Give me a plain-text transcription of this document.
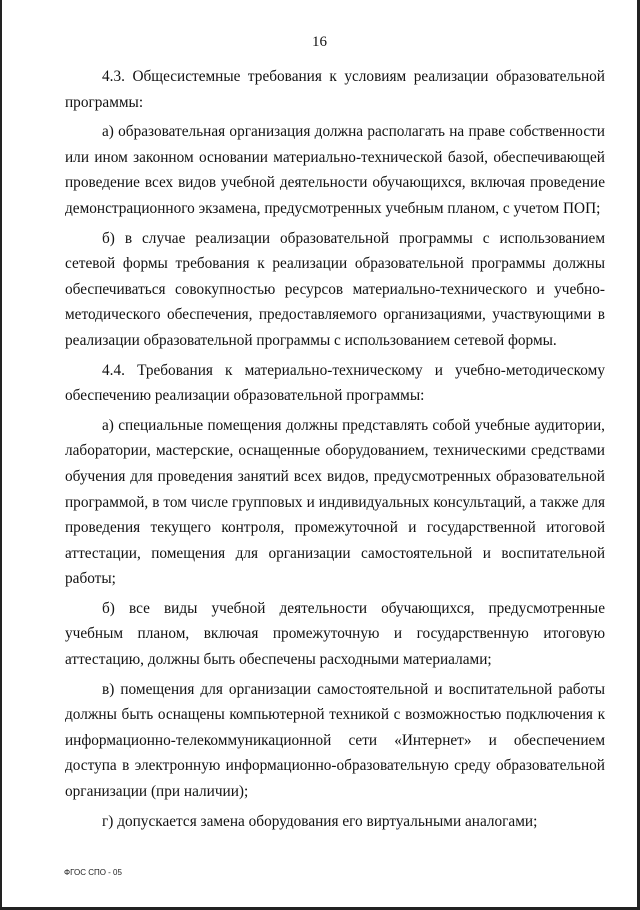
16

4.3. Общесистемные требования к условиям реализации образовательной программы:

а) образовательная организация должна располагать на праве собственности или ином законном основании материально-технической базой, обеспечивающей проведение всех видов учебной деятельности обучающихся, включая проведение демонстрационного экзамена, предусмотренных учебным планом, с учетом ПОП;

б) в случае реализации образовательной программы с использованием сетевой формы требования к реализации образовательной программы должны обеспечиваться совокупностью ресурсов материально-технического и учебно-методического обеспечения, предоставляемого организациями, участвующими в реализации образовательной программы с использованием сетевой формы.

4.4. Требования к материально-техническому и учебно-методическому обеспечению реализации образовательной программы:

а) специальные помещения должны представлять собой учебные аудитории, лаборатории, мастерские, оснащенные оборудованием, техническими средствами обучения для проведения занятий всех видов, предусмотренных образовательной программой, в том числе групповых и индивидуальных консультаций, а также для проведения текущего контроля, промежуточной и государственной итоговой аттестации, помещения для организации самостоятельной и воспитательной работы;

б) все виды учебной деятельности обучающихся, предусмотренные учебным планом, включая промежуточную и государственную итоговую аттестацию, должны быть обеспечены расходными материалами;

в) помещения для организации самостоятельной и воспитательной работы должны быть оснащены компьютерной техникой с возможностью подключения к информационно-телекоммуникационной сети «Интернет» и обеспечением доступа в электронную информационно-образовательную среду образовательной организации (при наличии);

г) допускается замена оборудования его виртуальными аналогами;

ФГОС СПО - 05
